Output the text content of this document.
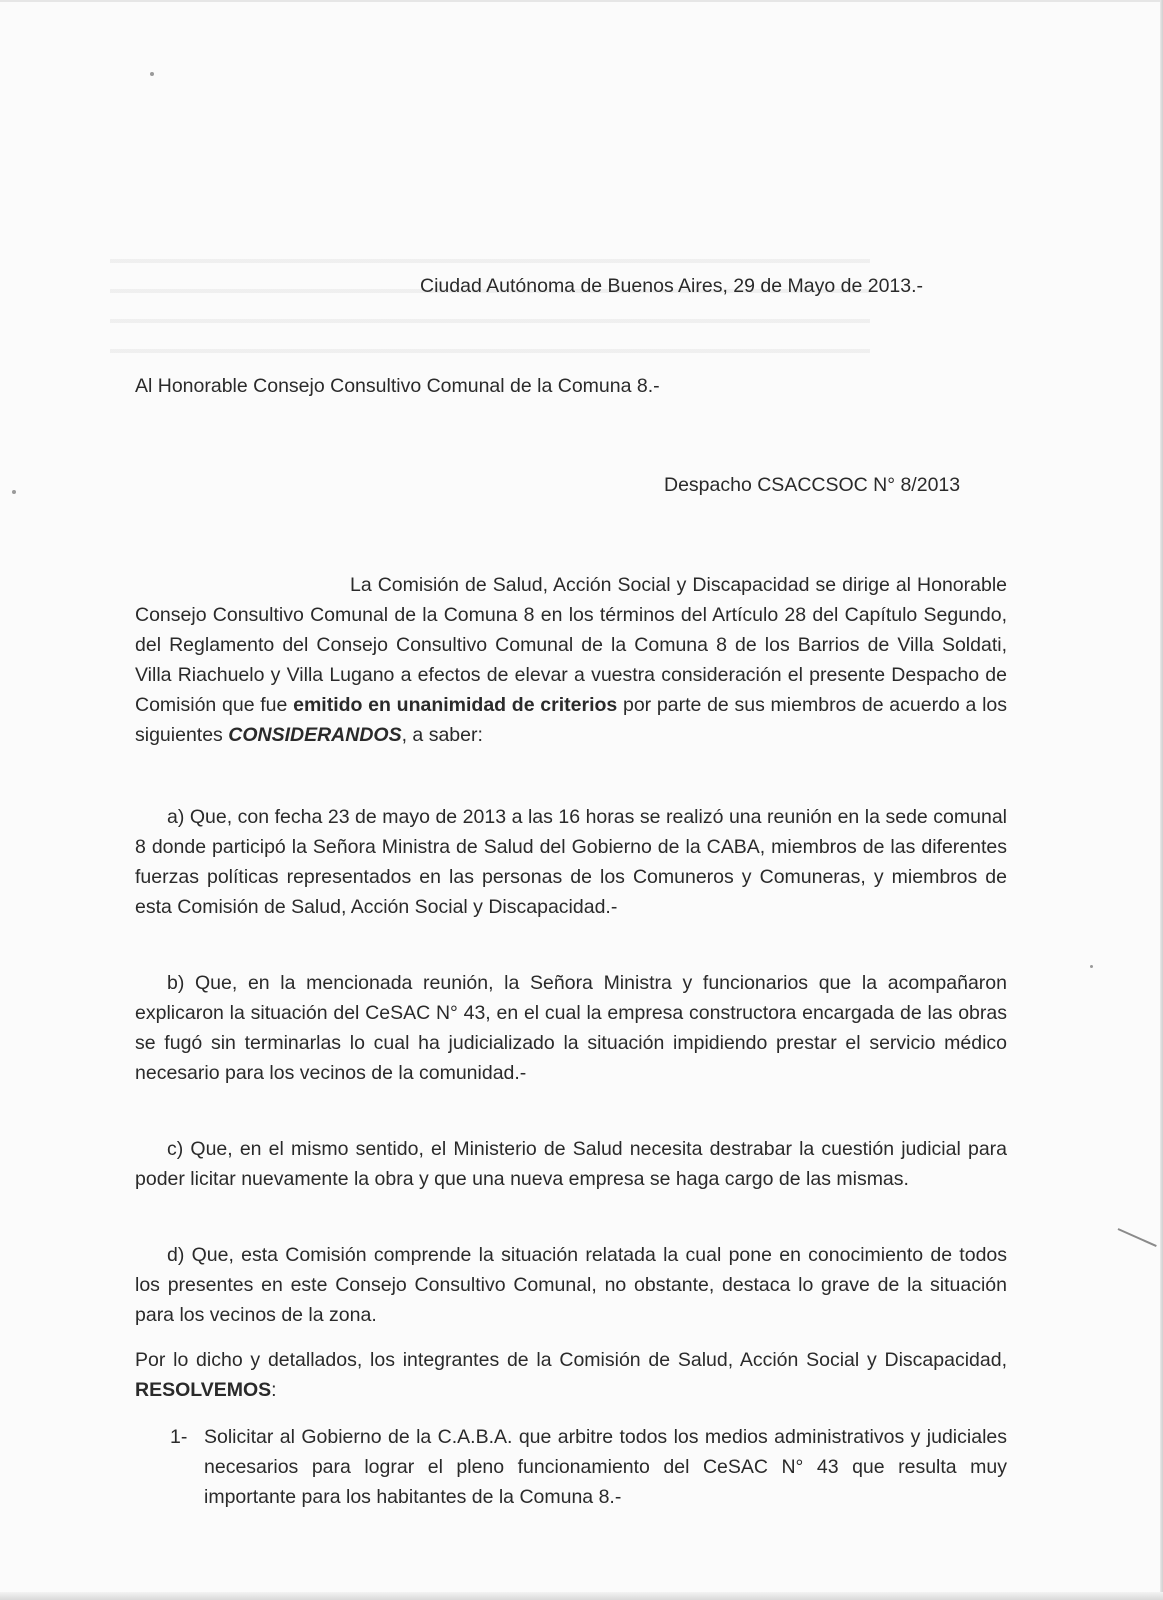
Ciudad Autónoma de Buenos Aires, 29 de Mayo de 2013.-

Al Honorable Consejo Consultivo Comunal de la Comuna 8.-

Despacho CSACCSOC N° 8/2013

La Comisión de Salud, Acción Social y Discapacidad se dirige al Honorable Consejo Consultivo Comunal de la Comuna 8 en los términos del Artículo 28 del Capítulo Segundo, del Reglamento del Consejo Consultivo Comunal de la Comuna 8 de los Barrios de Villa Soldati, Villa Riachuelo y Villa Lugano a efectos de elevar a vuestra consideración el presente Despacho de Comisión que fue emitido en unanimidad de criterios por parte de sus miembros de acuerdo a los siguientes CONSIDERANDOS, a saber:

a) Que, con fecha 23 de mayo de 2013 a las 16 horas se realizó una reunión en la sede comunal 8 donde participó la Señora Ministra de Salud del Gobierno de la CABA, miembros de las diferentes fuerzas políticas representados en las personas de los Comuneros y Comuneras, y miembros de esta Comisión de Salud, Acción Social y Discapacidad.-

b) Que, en la mencionada reunión, la Señora Ministra y funcionarios que la acompañaron explicaron la situación del CeSAC N° 43, en el cual la empresa constructora encargada de las obras se fugó sin terminarlas lo cual ha judicializado la situación impidiendo prestar el servicio médico necesario para los vecinos de la comunidad.-

c) Que, en el mismo sentido, el Ministerio de Salud necesita destrabar la cuestión judicial para poder licitar nuevamente la obra y que una nueva empresa se haga cargo de las mismas.

d) Que, esta Comisión comprende la situación relatada la cual pone en conocimiento de todos los presentes en este Consejo Consultivo Comunal, no obstante, destaca lo grave de la situación para los vecinos de la zona.

Por lo dicho y detallados, los integrantes de la Comisión de Salud, Acción Social y Discapacidad, RESOLVEMOS:

1- Solicitar al Gobierno de la C.A.B.A. que arbitre todos los medios administrativos y judiciales necesarios para lograr el pleno funcionamiento del CeSAC N° 43 que resulta muy importante para los habitantes de la Comuna 8.-
